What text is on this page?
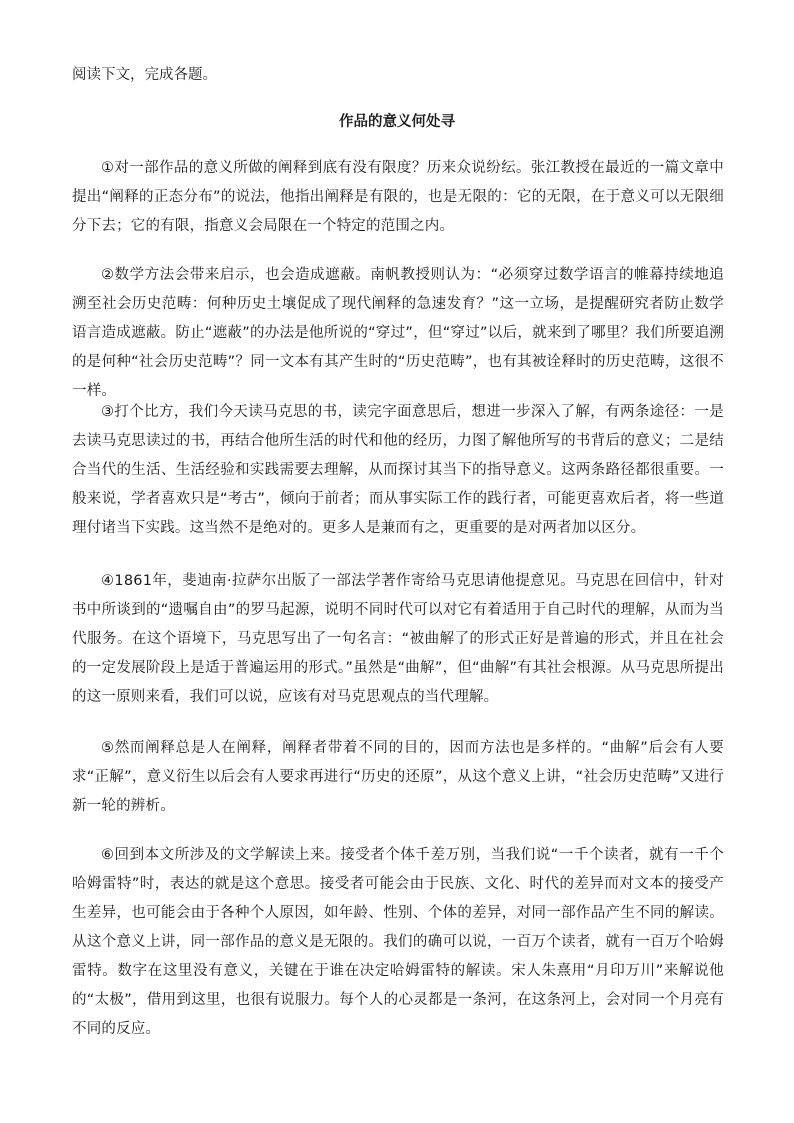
阅读下文，完成各题。

作品的意义何处寻

①对一部作品的意义所做的阐释到底有没有限度？历来众说纷纭。张江教授在最近的一篇文章中提出“阐释的正态分布”的说法，他指出阐释是有限的，也是无限的：它的无限，在于意义可以无限细分下去；它的有限，指意义会局限在一个特定的范围之内。

②数学方法会带来启示，也会造成遮蔽。南帆教授则认为：“必须穿过数学语言的帷幕持续地追溯至社会历史范畴：何种历史土壤促成了现代阐释的急速发育？”这一立场，是提醒研究者防止数学语言造成遮蔽。防止“遮蔽”的办法是他所说的“穿过”，但“穿过”以后，就来到了哪里？我们所要追溯的是何种“社会历史范畴”？同一文本有其产生时的“历史范畴”，也有其被诠释时的历史范畴，这很不一样。

③打个比方，我们今天读马克思的书，读完字面意思后，想进一步深入了解，有两条途径：一是去读马克思读过的书，再结合他所生活的时代和他的经历，力图了解他所写的书背后的意义；二是结合当代的生活、生活经验和实践需要去理解，从而探讨其当下的指导意义。这两条路径都很重要。一般来说，学者喜欢只是“考古”，倾向于前者；而从事实际工作的践行者，可能更喜欢后者，将一些道理付诸当下实践。这当然不是绝对的。更多人是兼而有之，更重要的是对两者加以区分。

④1861年，斐迪南·拉萨尔出版了一部法学著作寄给马克思请他提意见。马克思在回信中，针对书中所谈到的“遗嘱自由”的罗马起源，说明不同时代可以对它有着适用于自己时代的理解，从而为当代服务。在这个语境下，马克思写出了一句名言：“被曲解了的形式正好是普遍的形式，并且在社会的一定发展阶段上是适于普遍运用的形式。”虽然是“曲解”，但“曲解”有其社会根源。从马克思所提出的这一原则来看，我们可以说，应该有对马克思观点的当代理解。

⑤然而阐释总是人在阐释，阐释者带着不同的目的，因而方法也是多样的。“曲解”后会有人要求“正解”，意义衍生以后会有人要求再进行“历史的还原”，从这个意义上讲，“社会历史范畴”又进行新一轮的辨析。

⑥回到本文所涉及的文学解读上来。接受者个体千差万别，当我们说“一千个读者，就有一千个哈姆雷特”时，表达的就是这个意思。接受者可能会由于民族、文化、时代的差异而对文本的接受产生差异，也可能会由于各种个人原因，如年龄、性别、个体的差异，对同一部作品产生不同的解读。从这个意义上讲，同一部作品的意义是无限的。我们的确可以说，一百万个读者，就有一百万个哈姆雷特。数字在这里没有意义，关键在于谁在决定哈姆雷特的解读。宋人朱熹用“月印万川”来解说他的“太极”，借用到这里，也很有说服力。每个人的心灵都是一条河，在这条河上，会对同一个月亮有不同的反应。
